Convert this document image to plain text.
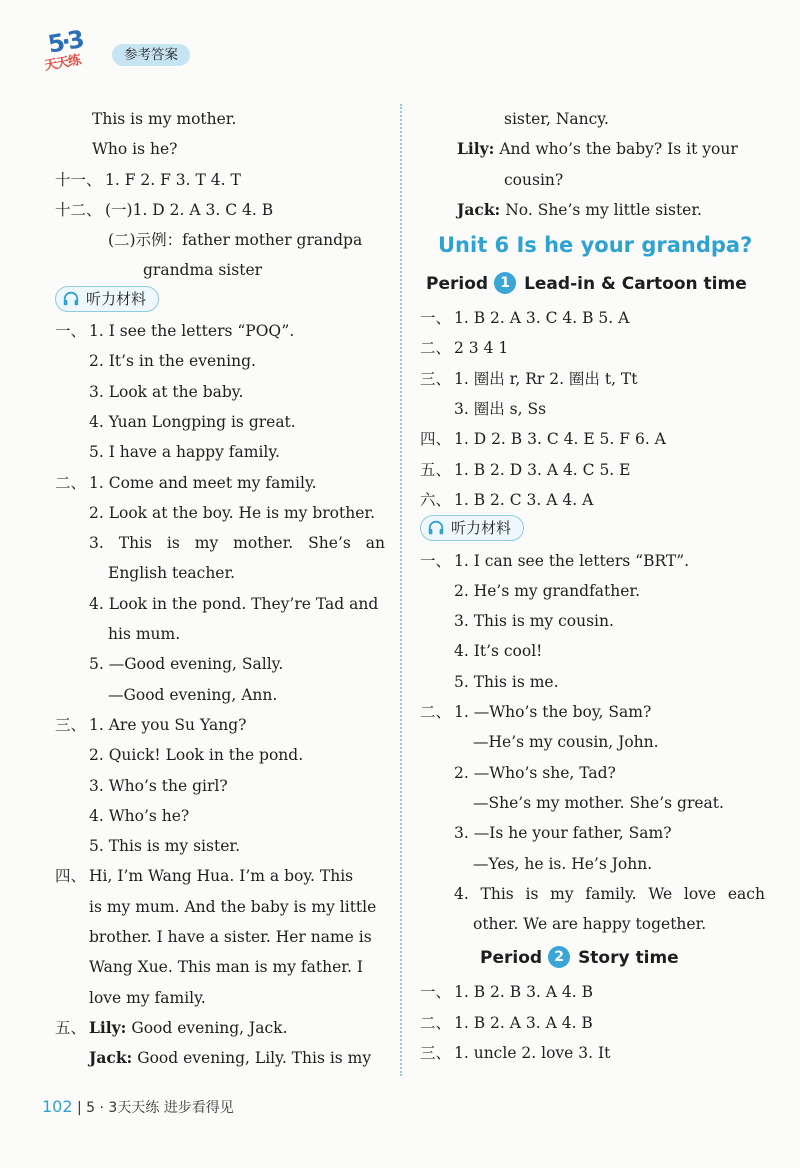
5·3
天天练	参考答案
This is my mother.
Who is he?
十一、 1. F 2. F 3. T 4. T
十二、 (一)1. D 2. A 3. C 4. B
(二)示例：father mother grandpa
grandma sister
听力材料
一、 1. I see the letters “POQ”.
2. It’s in the evening.
3. Look at the baby.
4. Yuan Longping is great.
5. I have a happy family.
二、 1. Come and meet my family.
2. Look at the boy. He is my brother.
3. This is my mother. She’s an
English teacher.
4. Look in the pond. They’re Tad and
his mum.
5. —Good evening, Sally.
—Good evening, Ann.
三、 1. Are you Su Yang?
2. Quick! Look in the pond.
3. Who’s the girl?
4. Who’s he?
5. This is my sister.
四、 Hi, I’m Wang Hua. I’m a boy. This
is my mum. And the baby is my little
brother. I have a sister. Her name is
Wang Xue. This man is my father. I
love my family.
五、 Lily: Good evening, Jack.
Jack: Good evening, Lily. This is my
sister, Nancy.
Lily: And who’s the baby? Is it your
cousin?
Jack: No. She’s my little sister.
Unit 6 Is he your grandpa?
Period 1 Lead-in & Cartoon time
一、 1. B 2. A 3. C 4. B 5. A
二、 2 3 4 1
三、 1. 圈出 r, Rr 2. 圈出 t, Tt
3. 圈出 s, Ss
四、 1. D 2. B 3. C 4. E 5. F 6. A
五、 1. B 2. D 3. A 4. C 5. E
六、 1. B 2. C 3. A 4. A
听力材料
一、 1. I can see the letters “BRT”.
2. He’s my grandfather.
3. This is my cousin.
4. It’s cool!
5. This is me.
二、 1. —Who’s the boy, Sam?
—He’s my cousin, John.
2. —Who’s she, Tad?
—She’s my mother. She’s great.
3. —Is he your father, Sam?
—Yes, he is. He’s John.
4. This is my family. We love each
other. We are happy together.
Period 2 Story time
一、 1. B 2. B 3. A 4. B
二、 1. B 2. A 3. A 4. B
三、 1. uncle 2. love 3. It
102 | 5 · 3天天练 进步看得见
